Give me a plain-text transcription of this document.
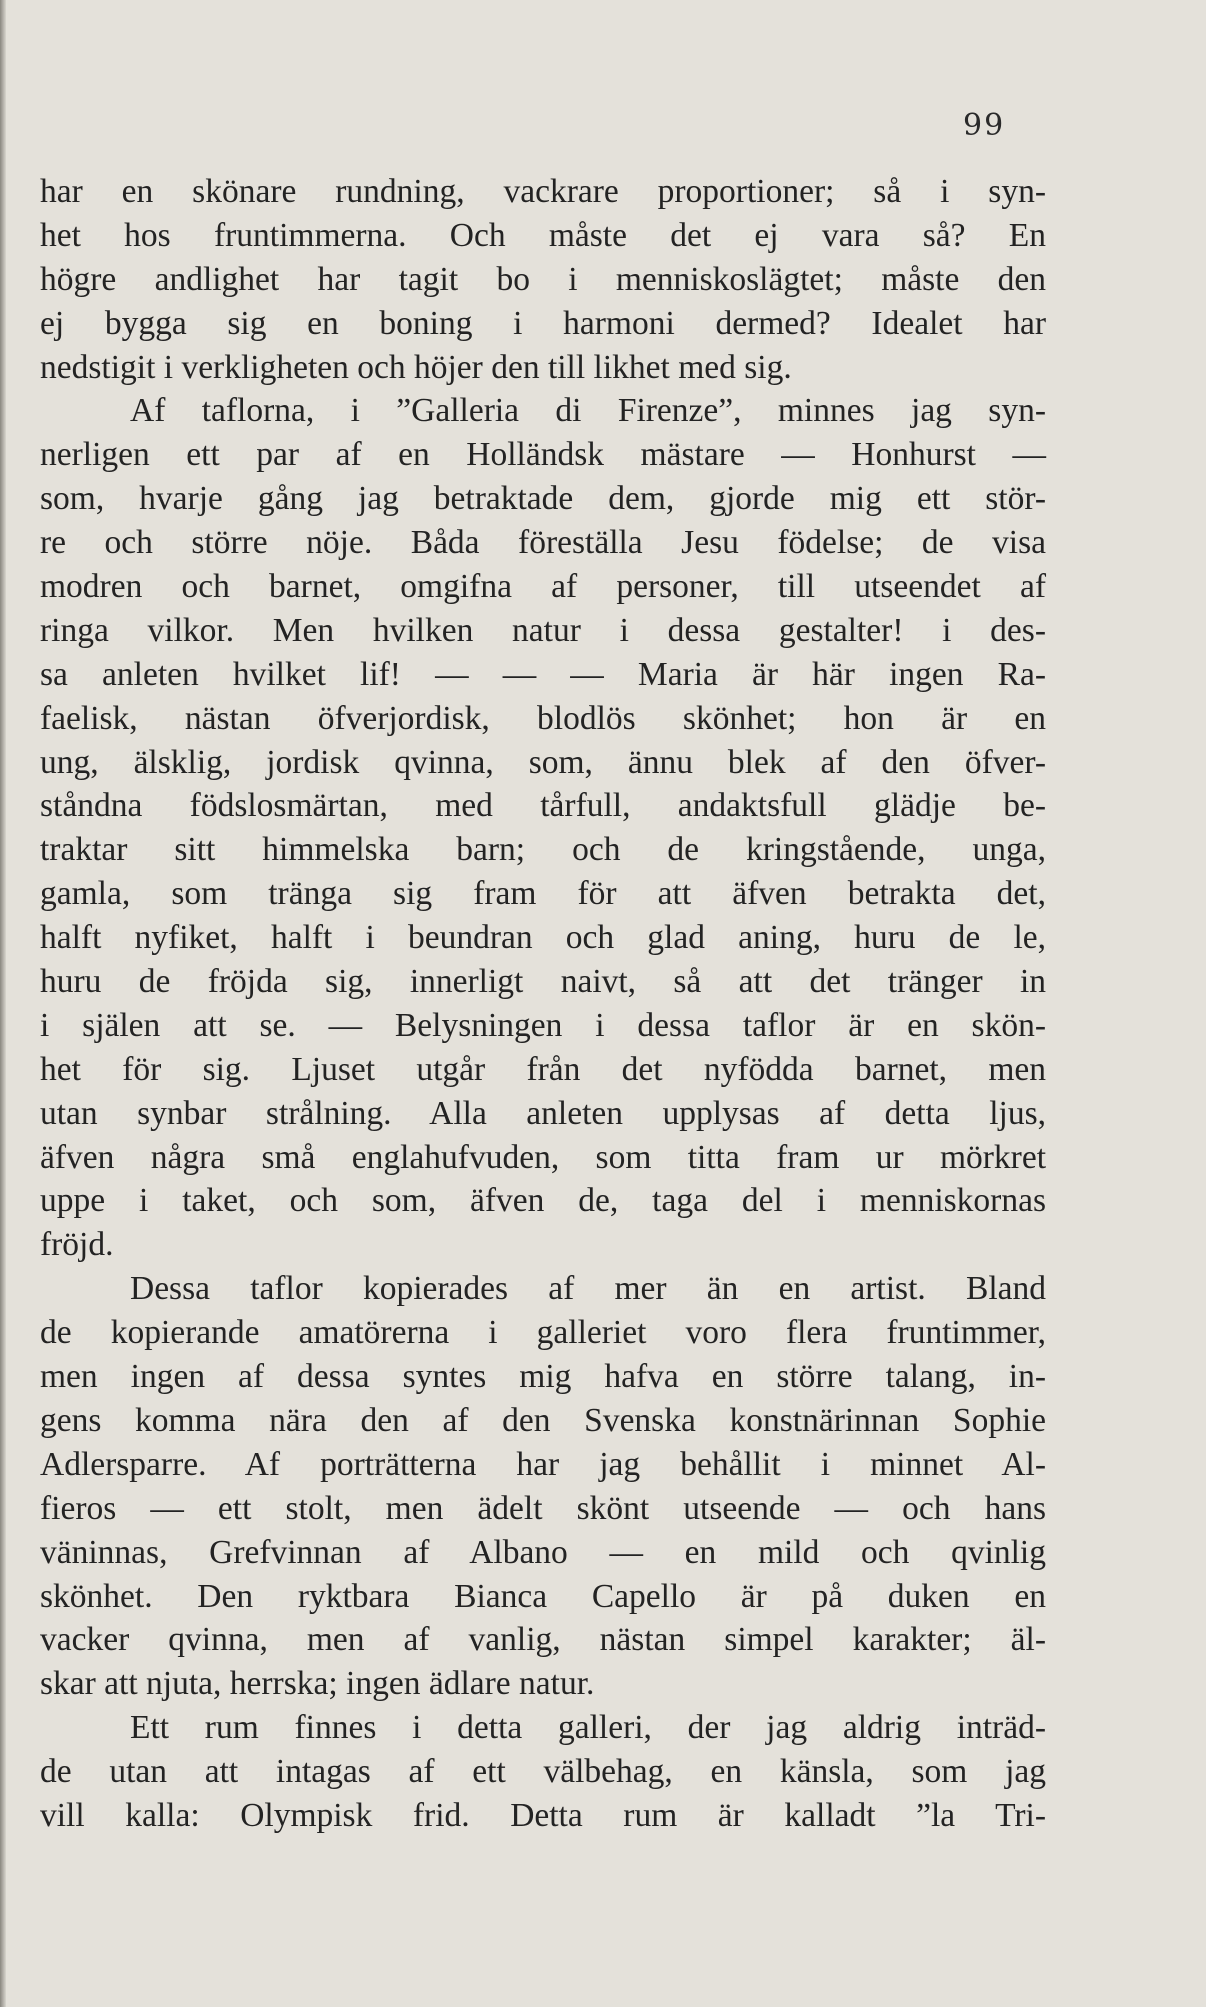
99
har en skönare rundning, vackrare proportioner; så i syn-
het hos fruntimmerna. Och måste det ej vara så? En
högre andlighet har tagit bo i menniskoslägtet; måste den
ej bygga sig en boning i harmoni dermed? Idealet har
nedstigit i verkligheten och höjer den till likhet med sig.
Af taflorna, i ”Galleria di Firenze”, minnes jag syn-
nerligen ett par af en Holländsk mästare — Honhurst —
som, hvarje gång jag betraktade dem, gjorde mig ett stör-
re och större nöje. Båda föreställa Jesu födelse; de visa
modren och barnet, omgifna af personer, till utseendet af
ringa vilkor. Men hvilken natur i dessa gestalter! i des-
sa anleten hvilket lif! — — — Maria är här ingen Ra-
faelisk, nästan öfverjordisk, blodlös skönhet; hon är en
ung, älsklig, jordisk qvinna, som, ännu blek af den öfver-
ståndna födslosmärtan, med tårfull, andaktsfull glädje be-
traktar sitt himmelska barn; och de kringstående, unga,
gamla, som tränga sig fram för att äfven betrakta det,
halft nyfiket, halft i beundran och glad aning, huru de le,
huru de fröjda sig, innerligt naivt, så att det tränger in
i själen att se. — Belysningen i dessa taflor är en skön-
het för sig. Ljuset utgår från det nyfödda barnet, men
utan synbar strålning. Alla anleten upplysas af detta ljus,
äfven några små englahufvuden, som titta fram ur mörkret
uppe i taket, och som, äfven de, taga del i menniskornas
fröjd.
Dessa taflor kopierades af mer än en artist. Bland
de kopierande amatörerna i galleriet voro flera fruntimmer,
men ingen af dessa syntes mig hafva en större talang, in-
gens komma nära den af den Svenska konstnärinnan Sophie
Adlersparre. Af porträtterna har jag behållit i minnet Al-
fieros — ett stolt, men ädelt skönt utseende — och hans
väninnas, Grefvinnan af Albano — en mild och qvinlig
skönhet. Den ryktbara Bianca Capello är på duken en
vacker qvinna, men af vanlig, nästan simpel karakter; äl-
skar att njuta, herrska; ingen ädlare natur.
Ett rum finnes i detta galleri, der jag aldrig inträd-
de utan att intagas af ett välbehag, en känsla, som jag
vill kalla: Olympisk frid. Detta rum är kalladt ”la Tri-
